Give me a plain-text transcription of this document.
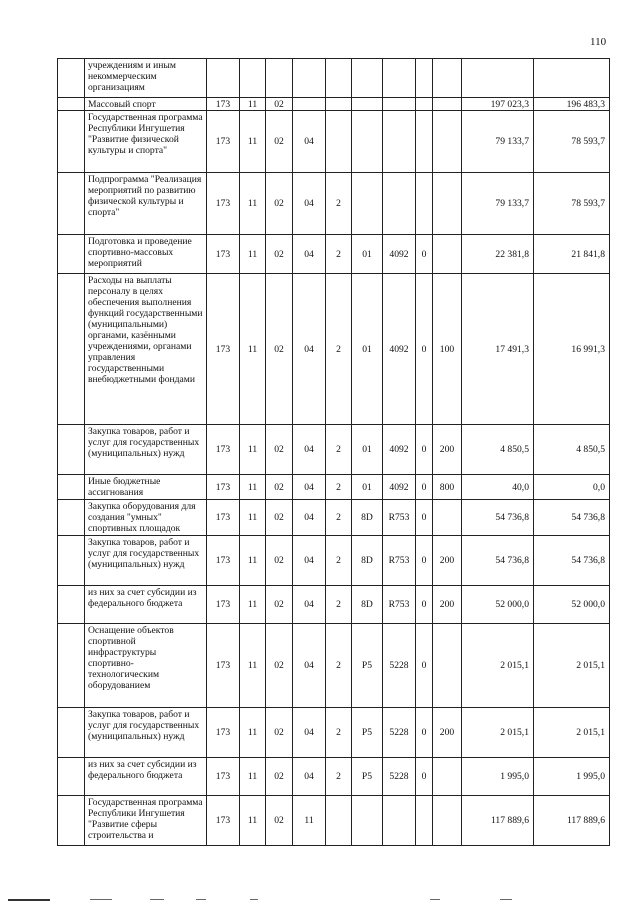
110
	учреждениям и иным некоммерческим организациям											
	Массовый спорт	173	11	02							197 023,3	196 483,3
	Государственная программа Республики Ингушетия "Развитие физической культуры и спорта"	173	11	02	04						79 133,7	78 593,7
	Подпрограмма "Реализация мероприятий по развитию физической культуры и спорта"	173	11	02	04	2					79 133,7	78 593,7
	Подготовка и проведение спортивно-массовых мероприятий	173	11	02	04	2	01	4092	0		22 381,8	21 841,8
	Расходы на выплаты персоналу в целях обеспечения выполнения функций государственными (муниципальными) органами, казёнными учреждениями, органами управления государственными внебюджетными фондами	173	11	02	04	2	01	4092	0	100	17 491,3	16 991,3
	Закупка товаров, работ и услуг для государственных (муниципальных) нужд	173	11	02	04	2	01	4092	0	200	4 850,5	4 850,5
	Иные бюджетные ассигнования	173	11	02	04	2	01	4092	0	800	40,0	0,0
	Закупка оборудования для создания "умных" спортивных площадок	173	11	02	04	2	8D	R753	0		54 736,8	54 736,8
	Закупка товаров, работ и услуг для государственных (муниципальных) нужд	173	11	02	04	2	8D	R753	0	200	54 736,8	54 736,8
	из них за счет субсидии из федерального бюджета	173	11	02	04	2	8D	R753	0	200	52 000,0	52 000,0
	Оснащение объектов спортивной инфраструктуры спортивно-технологическим оборудованием	173	11	02	04	2	P5	5228	0		2 015,1	2 015,1
	Закупка товаров, работ и услуг для государственных (муниципальных) нужд	173	11	02	04	2	P5	5228	0	200	2 015,1	2 015,1
	из них за счет субсидии из федерального бюджета	173	11	02	04	2	P5	5228	0		1 995,0	1 995,0
	Государственная программа Республики Ингушетия "Развитие сферы строительства и	173	11	02	11						117 889,6	117 889,6
